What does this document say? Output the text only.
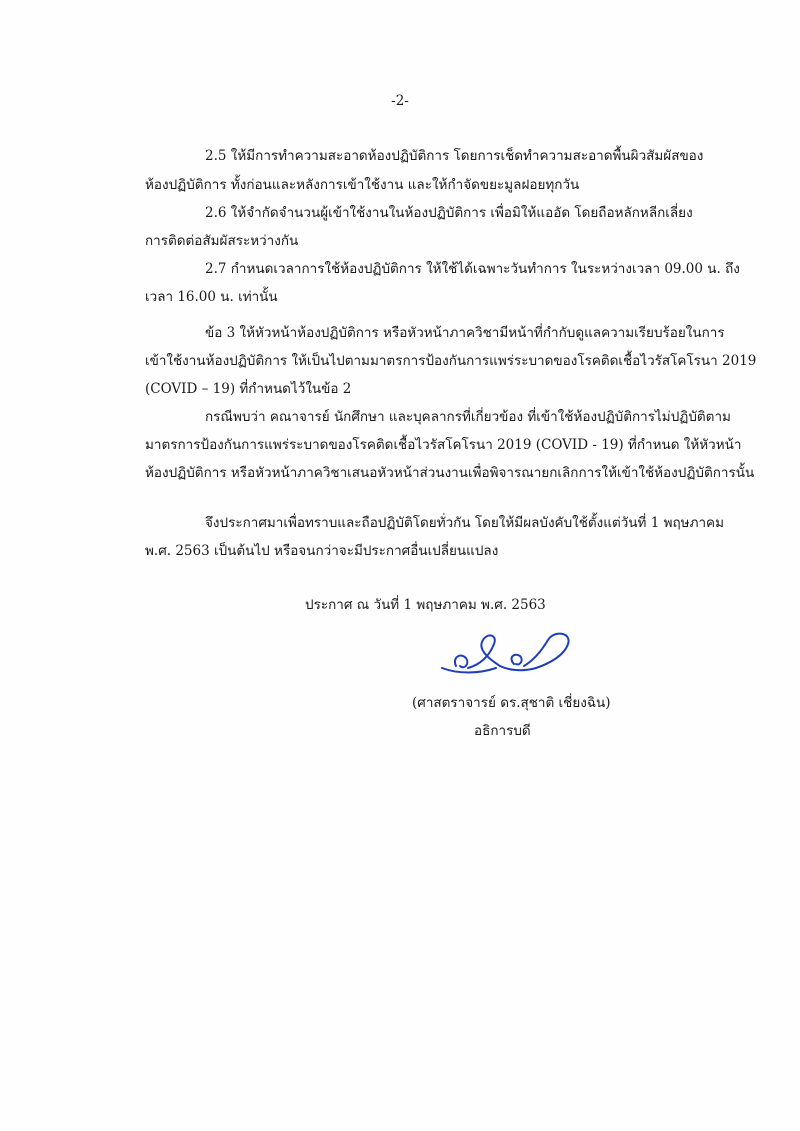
-2-
2.5 ให้มีการทำความสะอาดห้องปฏิบัติการ โดยการเช็ดทำความสะอาดพื้นผิวสัมผัสของ
ห้องปฏิบัติการ ทั้งก่อนและหลังการเข้าใช้งาน และให้กำจัดขยะมูลฝอยทุกวัน
2.6 ให้จำกัดจำนวนผู้เข้าใช้งานในห้องปฏิบัติการ เพื่อมิให้แออัด โดยถือหลักหลีกเลี่ยง
การติดต่อสัมผัสระหว่างกัน
2.7 กำหนดเวลาการใช้ห้องปฏิบัติการ ให้ใช้ได้เฉพาะวันทำการ ในระหว่างเวลา 09.00 น. ถึง
เวลา 16.00 น. เท่านั้น
ข้อ 3 ให้หัวหน้าห้องปฏิบัติการ หรือหัวหน้าภาควิชามีหน้าที่กำกับดูแลความเรียบร้อยในการ
เข้าใช้งานห้องปฏิบัติการ ให้เป็นไปตามมาตรการป้องกันการแพร่ระบาดของโรคติดเชื้อไวรัสโคโรนา 2019
(COVID – 19) ที่กำหนดไว้ในข้อ 2
กรณีพบว่า คณาจารย์ นักศึกษา และบุคลากรที่เกี่ยวข้อง ที่เข้าใช้ห้องปฏิบัติการไม่ปฏิบัติตาม
มาตรการป้องกันการแพร่ระบาดของโรคติดเชื้อไวรัสโคโรนา 2019 (COVID - 19) ที่กำหนด ให้หัวหน้า
ห้องปฏิบัติการ หรือหัวหน้าภาควิชาเสนอหัวหน้าส่วนงานเพื่อพิจารณายกเลิกการให้เข้าใช้ห้องปฏิบัติการนั้น
จึงประกาศมาเพื่อทราบและถือปฏิบัติโดยทั่วกัน โดยให้มีผลบังคับใช้ตั้งแต่วันที่ 1 พฤษภาคม
พ.ศ. 2563 เป็นต้นไป หรือจนกว่าจะมีประกาศอื่นเปลี่ยนแปลง
ประกาศ ณ วันที่ 1 พฤษภาคม พ.ศ. 2563
(ศาสตราจารย์ ดร.สุชาติ เชี่ยงฉิน)
อธิการบดี
